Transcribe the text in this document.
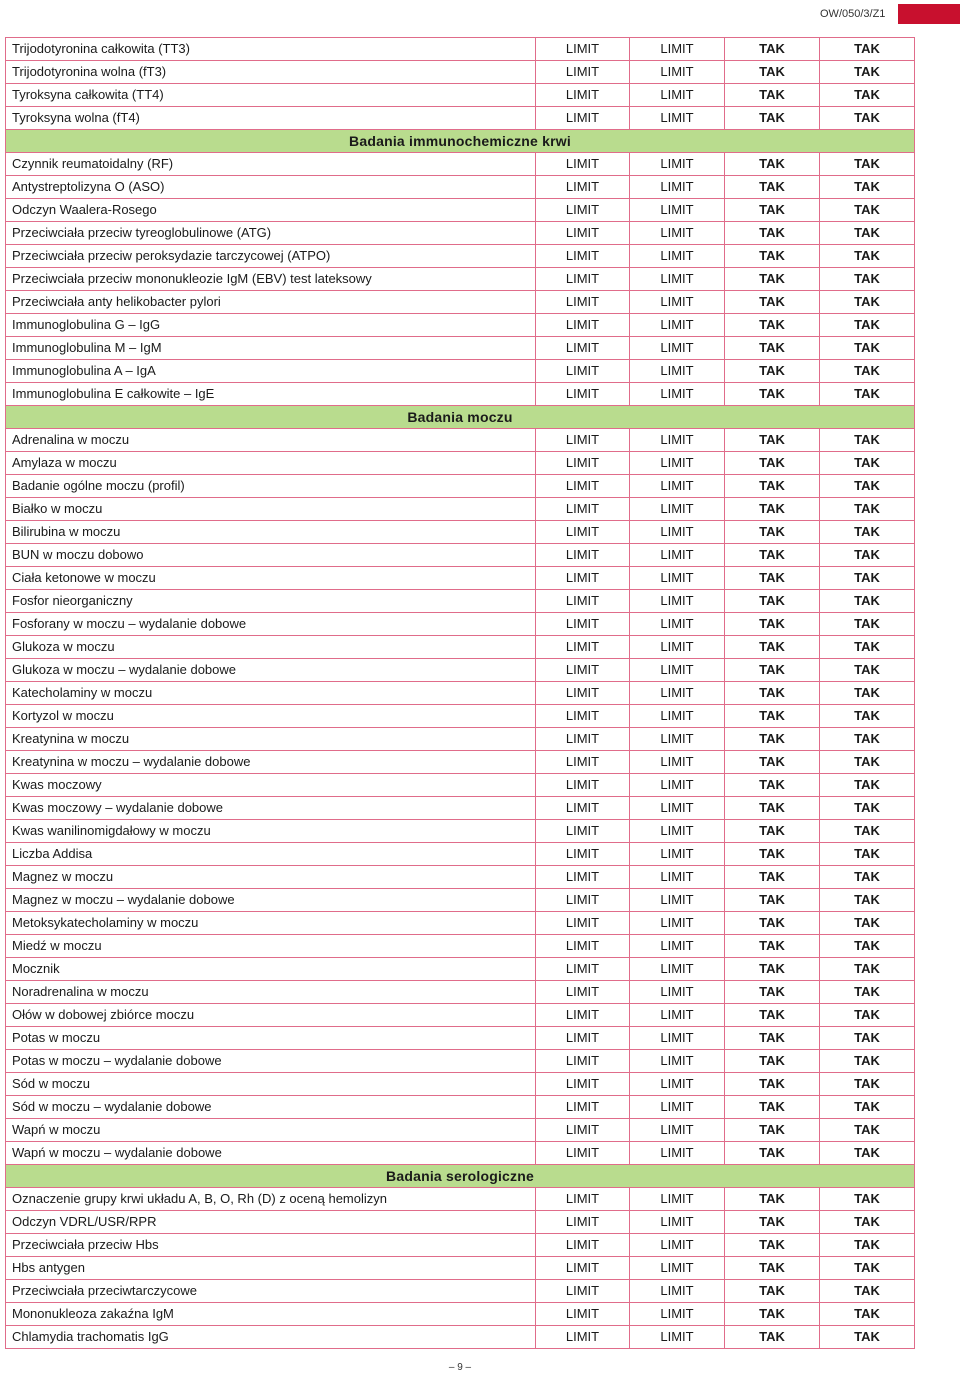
OW/050/3/Z1
Trijodotyronina całkowita (TT3)	LIMIT	LIMIT	TAK	TAK
Trijodotyronina wolna (fT3)	LIMIT	LIMIT	TAK	TAK
Tyroksyna całkowita (TT4)	LIMIT	LIMIT	TAK	TAK
Tyroksyna wolna (fT4)	LIMIT	LIMIT	TAK	TAK
Badania immunochemiczne krwi				
Czynnik reumatoidalny (RF)	LIMIT	LIMIT	TAK	TAK
Antystreptolizyna O (ASO)	LIMIT	LIMIT	TAK	TAK
Odczyn Waalera-Rosego	LIMIT	LIMIT	TAK	TAK
Przeciwciała przeciw tyreoglobulinowe (ATG)	LIMIT	LIMIT	TAK	TAK
Przeciwciała przeciw peroksydazie tarczycowej (ATPO)	LIMIT	LIMIT	TAK	TAK
Przeciwciała przeciw mononukleozie IgM (EBV) test lateksowy	LIMIT	LIMIT	TAK	TAK
Przeciwciała anty helikobacter pylori	LIMIT	LIMIT	TAK	TAK
Immunoglobulina G – IgG	LIMIT	LIMIT	TAK	TAK
Immunoglobulina M – IgM	LIMIT	LIMIT	TAK	TAK
Immunoglobulina A – IgA	LIMIT	LIMIT	TAK	TAK
Immunoglobulina E całkowite – IgE	LIMIT	LIMIT	TAK	TAK
Badania moczu				
Adrenalina w moczu	LIMIT	LIMIT	TAK	TAK
Amylaza w moczu	LIMIT	LIMIT	TAK	TAK
Badanie ogólne moczu (profil)	LIMIT	LIMIT	TAK	TAK
Białko w moczu	LIMIT	LIMIT	TAK	TAK
Bilirubina w moczu	LIMIT	LIMIT	TAK	TAK
BUN w moczu dobowo	LIMIT	LIMIT	TAK	TAK
Ciała ketonowe w moczu	LIMIT	LIMIT	TAK	TAK
Fosfor nieorganiczny	LIMIT	LIMIT	TAK	TAK
Fosforany w moczu – wydalanie dobowe	LIMIT	LIMIT	TAK	TAK
Glukoza w moczu	LIMIT	LIMIT	TAK	TAK
Glukoza w moczu – wydalanie dobowe	LIMIT	LIMIT	TAK	TAK
Katecholaminy w moczu	LIMIT	LIMIT	TAK	TAK
Kortyzol w moczu	LIMIT	LIMIT	TAK	TAK
Kreatynina w moczu	LIMIT	LIMIT	TAK	TAK
Kreatynina w moczu – wydalanie dobowe	LIMIT	LIMIT	TAK	TAK
Kwas moczowy	LIMIT	LIMIT	TAK	TAK
Kwas moczowy – wydalanie dobowe	LIMIT	LIMIT	TAK	TAK
Kwas wanilinomigdałowy w moczu	LIMIT	LIMIT	TAK	TAK
Liczba Addisa	LIMIT	LIMIT	TAK	TAK
Magnez w moczu	LIMIT	LIMIT	TAK	TAK
Magnez w moczu – wydalanie dobowe	LIMIT	LIMIT	TAK	TAK
Metoksykatecholaminy w moczu	LIMIT	LIMIT	TAK	TAK
Miedź w moczu	LIMIT	LIMIT	TAK	TAK
Mocznik	LIMIT	LIMIT	TAK	TAK
Noradrenalina w moczu	LIMIT	LIMIT	TAK	TAK
Ołów w dobowej zbiórce moczu	LIMIT	LIMIT	TAK	TAK
Potas w moczu	LIMIT	LIMIT	TAK	TAK
Potas w moczu – wydalanie dobowe	LIMIT	LIMIT	TAK	TAK
Sód w moczu	LIMIT	LIMIT	TAK	TAK
Sód w moczu – wydalanie dobowe	LIMIT	LIMIT	TAK	TAK
Wapń w moczu	LIMIT	LIMIT	TAK	TAK
Wapń w moczu – wydalanie dobowe	LIMIT	LIMIT	TAK	TAK
Badania serologiczne				
Oznaczenie grupy krwi układu A, B, O, Rh (D) z oceną hemolizyn	LIMIT	LIMIT	TAK	TAK
Odczyn VDRL/USR/RPR	LIMIT	LIMIT	TAK	TAK
Przeciwciała przeciw Hbs	LIMIT	LIMIT	TAK	TAK
Hbs antygen	LIMIT	LIMIT	TAK	TAK
Przeciwciała przeciwtarczycowe	LIMIT	LIMIT	TAK	TAK
Mononukleoza zakaźna IgM	LIMIT	LIMIT	TAK	TAK
Chlamydia trachomatis IgG	LIMIT	LIMIT	TAK	TAK
– 9 –
